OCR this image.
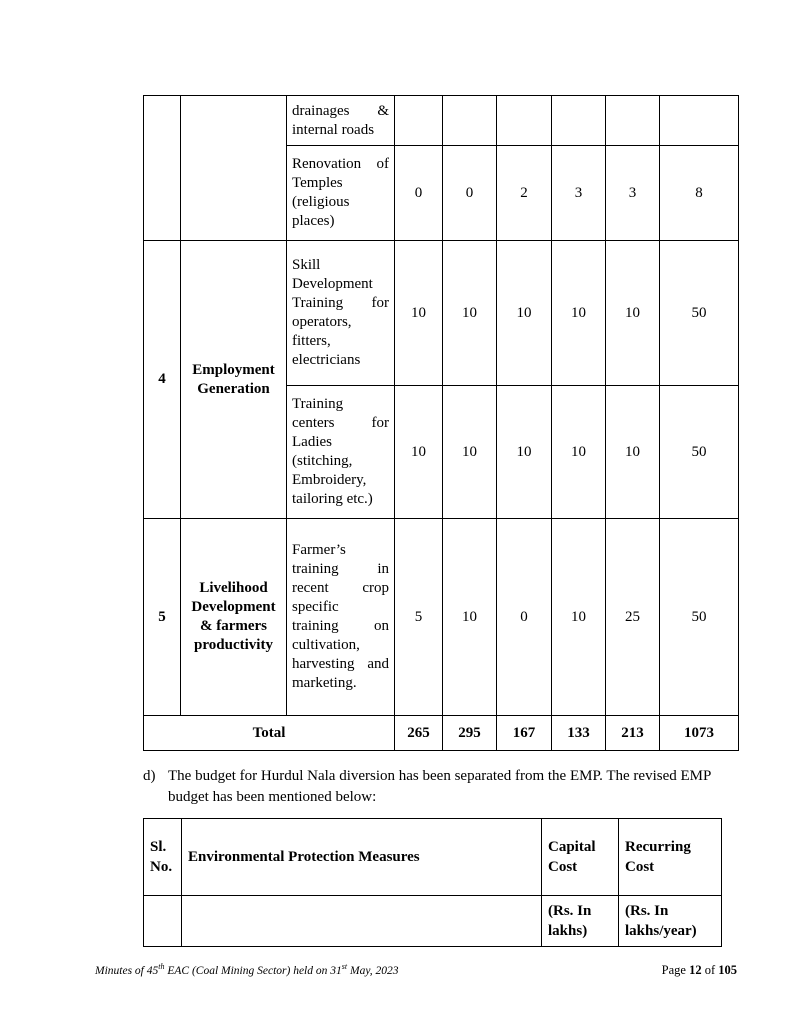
		drainages & internal roads						
		Renovation of Temples (religious places)	0	0	2	3	3	8
4	Employment Generation	Skill Development Training for operators, fitters, electricians	10	10	10	10	10	50
		Training centers for Ladies (stitching, Embroidery, tailoring etc.)	10	10	10	10	10	50
5	Livelihood Development & farmers productivity	Farmer’s training in recent crop specific training on cultivation, harvesting and marketing.	5	10	0	10	25	50
Total			265	295	167	133	213	1073
d) The budget for Hurdul Nala diversion has been separated from the EMP. The revised EMP budget has been mentioned below:
Sl. No.	Environmental Protection Measures	Capital Cost	Recurring Cost
		(Rs. In lakhs)	(Rs. In lakhs/year)
Minutes of 45th EAC (Coal Mining Sector) held on 31st May, 2023	Page 12 of 105
